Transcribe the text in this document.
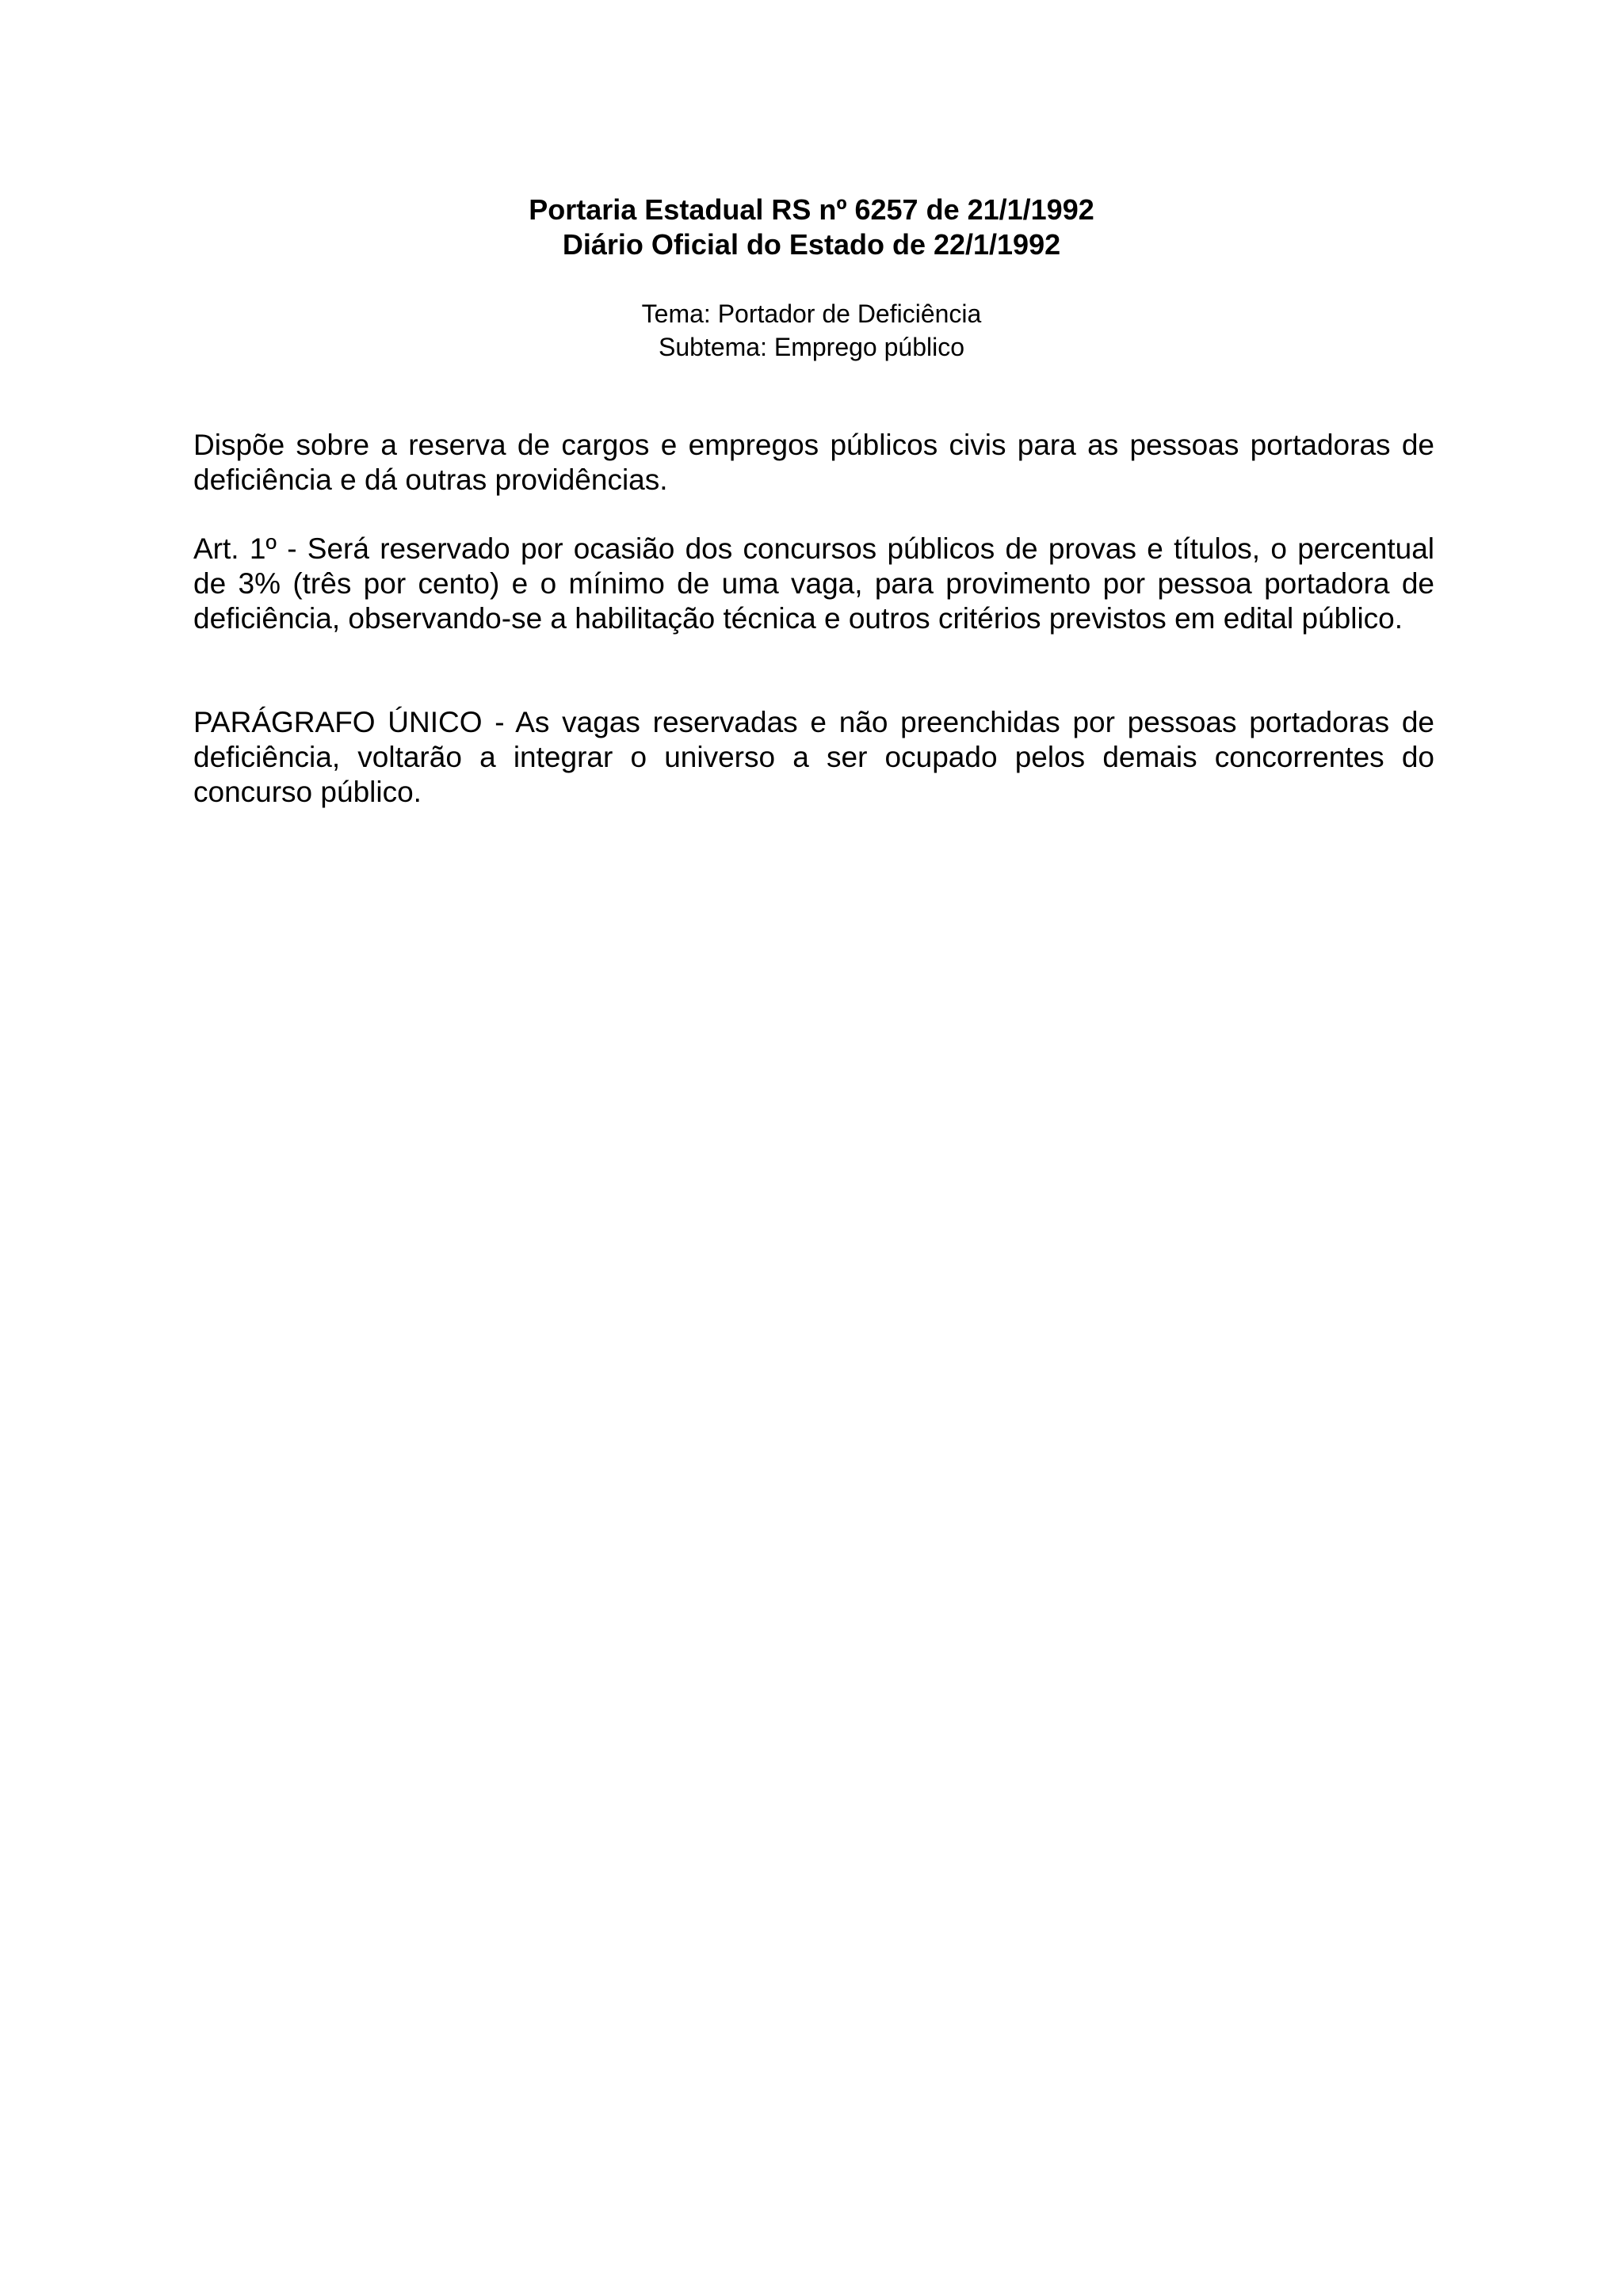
Portaria Estadual RS nº 6257 de 21/1/1992

Diário Oficial do Estado de 22/1/1992

Tema: Portador de Deficiência

Subtema: Emprego público

Dispõe sobre a reserva de cargos e empregos públicos civis para as pessoas portadoras de deficiência e dá outras providências.

Art. 1º - Será reservado por ocasião dos concursos públicos de provas e títulos, o percentual de 3% (três por cento) e o mínimo de uma vaga, para provimento por pessoa portadora de deficiência, observando-se a habilitação técnica e outros critérios previstos em edital público.

PARÁGRAFO ÚNICO - As vagas reservadas e não preenchidas por pessoas portadoras de deficiência, voltarão a integrar o universo a ser ocupado pelos demais concorrentes do concurso público.
